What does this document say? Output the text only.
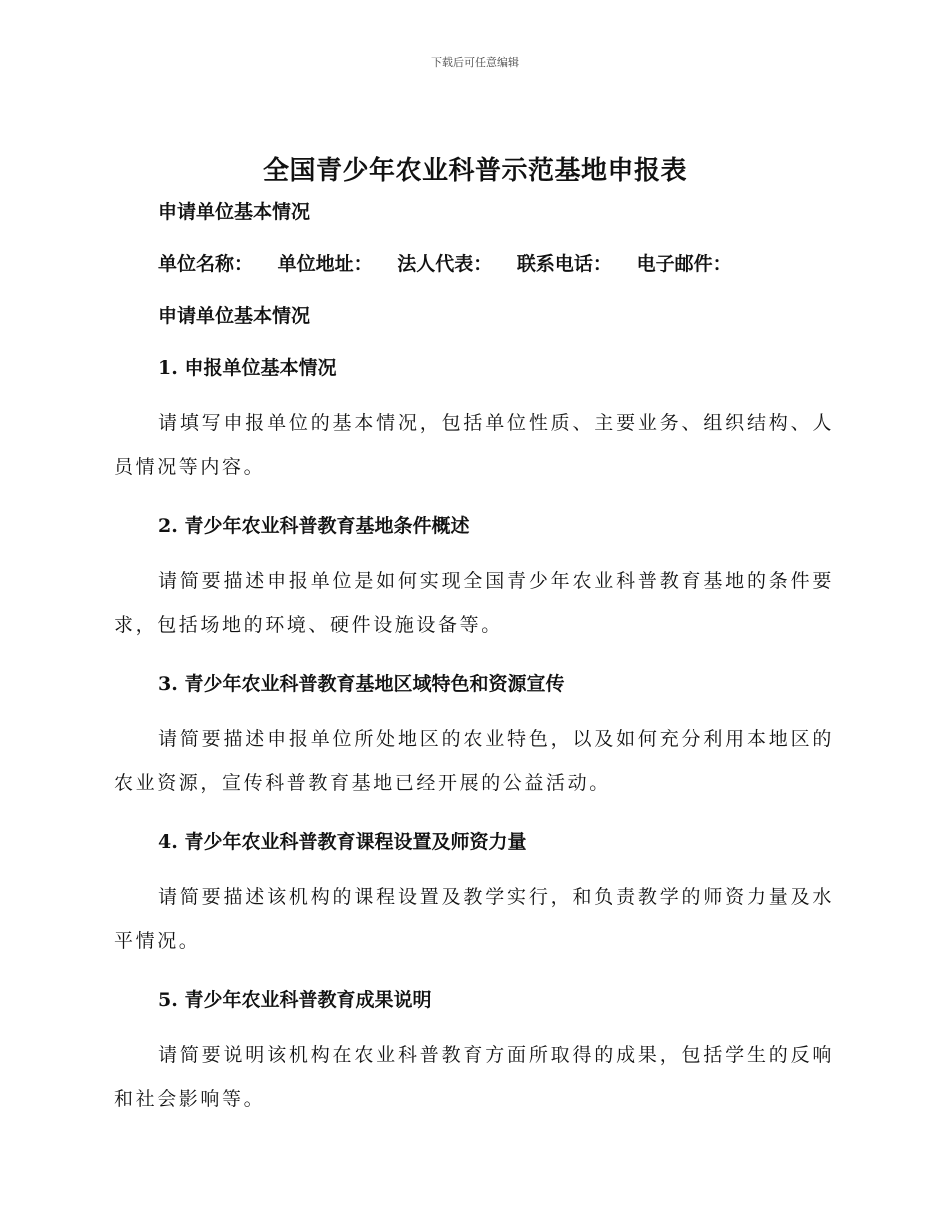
下载后可任意编辑
全国青少年农业科普示范基地申报表

申请单位基本情况

单位名称： 单位地址： 法人代表： 联系电话： 电子邮件：

申请单位基本情况

1. 申报单位基本情况

请填写申报单位的基本情况，包括单位性质、主要业务、组织结构、人员情况等内容。

2. 青少年农业科普教育基地条件概述

请简要描述申报单位是如何实现全国青少年农业科普教育基地的条件要求，包括场地的环境、硬件设施设备等。

3. 青少年农业科普教育基地区域特色和资源宣传

请简要描述申报单位所处地区的农业特色，以及如何充分利用本地区的农业资源，宣传科普教育基地已经开展的公益活动。

4. 青少年农业科普教育课程设置及师资力量

请简要描述该机构的课程设置及教学实行，和负责教学的师资力量及水平情况。

5. 青少年农业科普教育成果说明

请简要说明该机构在农业科普教育方面所取得的成果，包括学生的反响和社会影响等。
